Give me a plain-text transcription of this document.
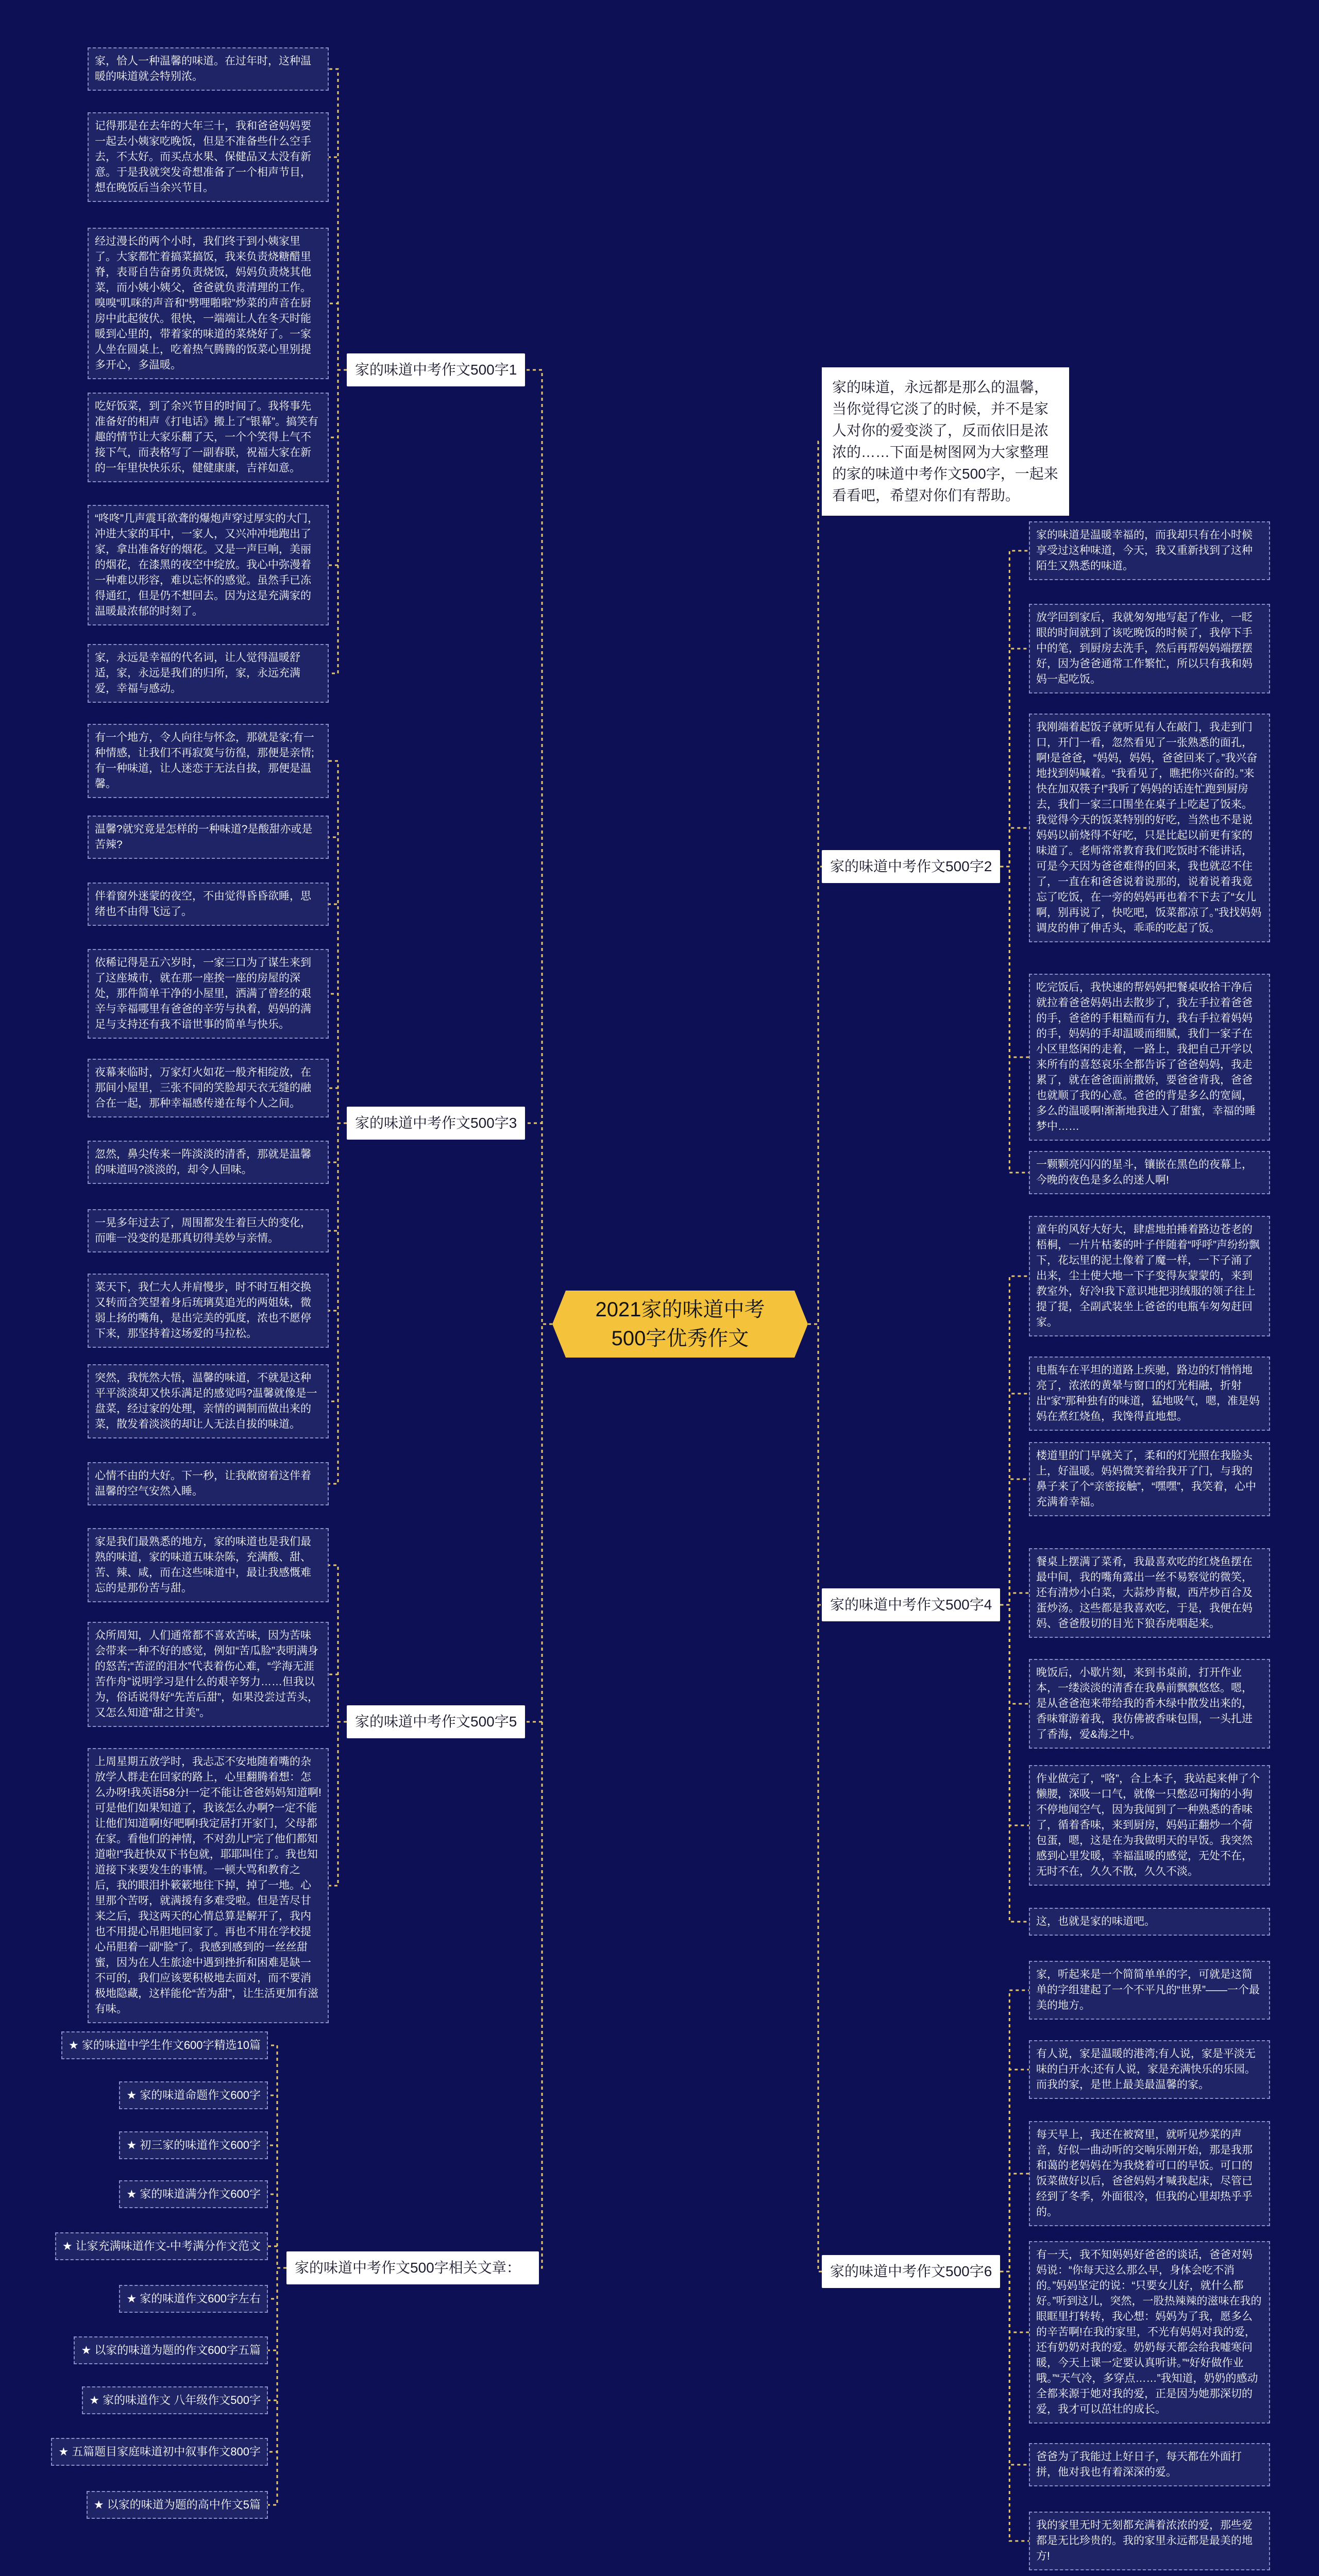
2021家的味道中考500字优秀作文
家的味道，永远都是那么的温馨，当你觉得它淡了的时候，并不是家人对你的爱变淡了，反而依旧是浓浓的……下面是树图网为大家整理的家的味道中考作文500字，一起来看看吧，希望对你们有帮助。
家的味道中考作文500字1
家的味道中考作文500字3
家的味道中考作文500字5
家的味道中考作文500字相关文章：
家的味道中考作文500字2
家的味道中考作文500字4
家的味道中考作文500字6
家，恰人一种温馨的味道。在过年时，这种温暖的味道就会特别浓。
记得那是在去年的大年三十，我和爸爸妈妈要一起去小姨家吃晚饭，但是不准备些什么空手去，不太好。而买点水果、保健品又太没有新意。于是我就突发奇想准备了一个相声节目，想在晚饭后当余兴节目。
经过漫长的两个小时，我们终于到小姨家里了。大家都忙着搞菜搞饭，我来负责烧糖醋里脊，表哥自告奋勇负责烧饭，妈妈负责烧其他菜，而小姨小姨父，爸爸就负责清理的工作。嗅嗅“叽咪的声音和“劈哩啪啦”炒菜的声音在厨房中此起彼伏。很快，一端端让人在冬天时能暖到心里的，带着家的味道的菜烧好了。一家人坐在圆桌上，吃着热气腾腾的饭菜心里别提多开心，多温暖。
吃好饭菜，到了余兴节目的时间了。我将事先准备好的相声《打电话》搬上了“银幕”。搞笑有趣的情节让大家乐翻了天，一个个笑得上气不接下气，而表格写了一副春联，祝福大家在新的一年里快快乐乐，健健康康，吉祥如意。
“咚咚”几声震耳欲聋的爆炮声穿过厚实的大门，冲进大家的耳中，一家人，又兴冲冲地跑出了家，拿出准备好的烟花。又是一声巨响，美丽的烟花，在漆黑的夜空中绽放。我心中弥漫着一种难以形容，难以忘怀的感觉。虽然手已冻得通红，但是仍不想回去。因为这是充满家的温暖最浓郁的时刻了。
家，永远是幸福的代名词，让人觉得温暖舒适，家，永远是我们的归所，家，永远充满爱，幸福与感动。
有一个地方，令人向往与怀念，那就是家;有一种情感，让我们不再寂寞与彷徨，那便是亲情;有一种味道，让人迷恋于无法自拔，那便是温馨。
温馨?就究竟是怎样的一种味道?是酸甜亦或是苦辣?
伴着窗外迷蒙的夜空，不由觉得昏昏欲睡，思绪也不由得飞远了。
依稀记得是五六岁时，一家三口为了谋生来到了这座城市，就在那一座挨一座的房屋的深处，那件简单干净的小屋里，洒满了曾经的艰辛与幸福哪里有爸爸的辛劳与执着，妈妈的满足与支持还有我不谙世事的简单与快乐。
夜幕来临时，万家灯火如花一般齐相绽放，在那间小屋里，三张不同的笑脸却天衣无缝的融合在一起，那种幸福感传递在每个人之间。
忽然，鼻尖传来一阵淡淡的清香，那就是温馨的味道吗?淡淡的，却令人回味。
一晃多年过去了，周围都发生着巨大的变化，而唯一没变的是那真切得美妙与亲情。
菜天下，我仁大人并肩慢步，时不时互相交换又转而含笑望着身后琉璃莫追光的两姐妹，微弱上扬的嘴角，是出完美的弧度，浓也不愿停下来，那坚持着这场爱的马拉松。
突然，我恍然大悟，温馨的味道，不就是这种平平淡淡却又快乐满足的感觉吗?温馨就像是一盘菜，经过家的处理，亲情的调制而做出来的菜，散发着淡淡的却让人无法自拔的味道。
心情不由的大好。下一秒，让我敞窗着这伴着温馨的空气安然入睡。
家是我们最熟悉的地方，家的味道也是我们最熟的味道，家的味道五味杂陈，充满酸、甜、苦、辣、咸，而在这些味道中，最让我感慨难忘的是那份苦与甜。
众所周知，人们通常都不喜欢苦味，因为苦味会带来一种不好的感觉，例如“苦瓜脸”表明满身的怒苦;“苦涩的泪水”代表着伤心难，“学海无涯苦作舟”说明学习是什么的艰辛努力……但我以为，俗话说得好“先苦后甜”，如果没尝过苦头，又怎么知道“甜之甘美”。
上周星期五放学时，我忐忑不安地随着嘴的杂放学人群走在回家的路上，心里翻腾着想：怎么办呀!我英语58分!一定不能让爸爸妈妈知道啊!可是他们如果知道了，我该怎么办啊?一定不能让他们知道啊!好吧啊!我定居打开家门，父母都在家。看他们的神情，不对劲儿!“完了他们都知道啦!”我赶快双下书包就，耶耶叫住了。我也知道接下来要发生的事情。一顿大骂和教育之后，我的眼泪扑簌簌地往下掉，掉了一地。心里那个苦呀，就满援有多难受啦。但是苦尽甘来之后，我这两天的心情总算是解开了，我内也不用提心吊胆地回家了。再也不用在学校提心吊胆着一副“脸”了。我感到感到的一丝丝甜蜜，因为在人生旅途中遇到挫折和困难是缺一不可的，我们应该要积极地去面对，而不要消极地隐藏，这样能伦“苦为甜”，让生活更加有滋有味。
★ 家的味道中学生作文600字精选10篇
★ 家的味道命题作文600字
★ 初三家的味道作文600字
★ 家的味道满分作文600字
★ 让家充满味道作文-中考满分作文范文
★ 家的味道作文600字左右
★ 以家的味道为题的作文600字五篇
★ 家的味道作文 八年级作文500字
★ 五篇题目家庭味道初中叙事作文800字
★ 以家的味道为题的高中作文5篇
家的味道是温暖幸福的，而我却只有在小时候享受过这种味道，今天，我又重新找到了这种陌生又熟悉的味道。
放学回到家后，我就匆匆地写起了作业，一眨眼的时间就到了该吃晚饭的时候了，我停下手中的笔，到厨房去洗手，然后再帮妈妈端摆摆好，因为爸爸通常工作繁忙，所以只有我和妈妈一起吃饭。
我刚端着起饭子就听见有人在敲门，我走到门口，开门一看，忽然看见了一张熟悉的面孔，啊!是爸爸，“妈妈，妈妈，爸爸回来了。”我兴奋地找到妈喊着。“我看见了，瞧把你兴奋的。”来快在加双筷子!”我听了妈妈的话连忙跑到厨房去，我们一家三口围坐在桌子上吃起了饭来。我觉得今天的饭菜特别的好吃，当然也不是说妈妈以前烧得不好吃，只是比起以前更有家的味道了。老师常常教育我们吃饭时不能讲话，可是今天因为爸爸难得的回来，我也就忍不住了，一直在和爸爸说着说那的，说着说着我竟忘了吃饭，在一旁的妈妈再也着不下去了“女儿啊，别再说了，快吃吧，饭菜都凉了。”我找妈妈调皮的伸了伸舌头，乖乖的吃起了饭。
吃完饭后，我快速的帮妈妈把餐桌收拾干净后就拉着爸爸妈妈出去散步了，我左手拉着爸爸的手，爸爸的手粗糙而有力，我右手拉着妈妈的手，妈妈的手却温暖而细腻，我们一家子在小区里悠闲的走着，一路上，我把自己开学以来所有的喜怒哀乐全都告诉了爸爸妈妈，我走累了，就在爸爸面前撒娇，要爸爸背我，爸爸也就顺了我的心意。爸爸的背是多么的宽阔，多么的温暖啊!渐渐地我进入了甜蜜，幸福的睡梦中……
一颗颗亮闪闪的星斗，镶嵌在黑色的夜幕上，今晚的夜色是多么的迷人啊!
童年的风好大好大，肆虐地拍捶着路边苍老的梧桐，一片片枯萎的叶子伴随着“呼呼”声纷纷飘下，花坛里的泥土像着了魔一样，一下子涌了出来，尘土使大地一下子变得灰蒙蒙的，来到教室外，好冷!我下意识地把羽绒服的领子往上提了提，全副武装坐上爸爸的电瓶车匆匆赶回家。
电瓶车在平坦的道路上疾驰，路边的灯悄悄地亮了，浓浓的黄晕与窗口的灯光相融，折射出“家”那种独有的味道，猛地吸气，嗯，准是妈妈在煮红烧鱼，我馋得直地想。
楼道里的门早就关了，柔和的灯光照在我脸头上，好温暖。妈妈微笑着给我开了门，与我的鼻子来了个“亲密接触”，“嘿嘿”，我笑着，心中充满着幸福。
餐桌上摆满了菜肴，我最喜欢吃的红烧鱼摆在最中间，我的嘴角露出一丝不易察觉的微笑，还有清炒小白菜，大蒜炒青椒，西芹炒百合及蛋炒汤。这些都是我喜欢吃，于是，我便在妈妈、爸爸殷切的目光下狼吞虎咽起来。
晚饭后，小歇片刻，来到书桌前，打开作业本，一缕淡淡的清香在我鼻前飘飘悠悠。嗯，是从爸爸泡来带给我的香木绿中散发出来的，香味窜游着我，我仿佛被香味包围，一头扎进了香海，爱&海之中。
作业做完了，“咯”，合上本子，我站起来伸了个懒腰，深吸一口气，就像一只憋忍可掬的小狗不停地闻空气，因为我闻到了一种熟悉的香味了，循着香味，来到厨房，妈妈正翻炒一个荷包蛋，嗯，这是在为我做明天的早饭。我突然感到心里发暖，幸福温暖的感觉，无处不在，无时不在，久久不散，久久不淡。
这，也就是家的味道吧。
家，听起来是一个简简单单的字，可就是这简单的字组建起了一个不平凡的“世界”——一个最美的地方。
有人说，家是温暖的港湾;有人说，家是平淡无味的白开水;还有人说，家是充满快乐的乐园。而我的家，是世上最美最温馨的家。
每天早上，我还在被窝里，就听见炒菜的声音，好似一曲动听的交响乐刚开始，那是我那和蔼的老妈妈在为我烧着可口的早饭。可口的饭菜做好以后，爸爸妈妈才喊我起床，尽管已经到了冬季，外面很冷，但我的心里却热乎乎的。
有一天，我不知妈妈好爸爸的谈话，爸爸对妈妈说：“你每天这么那么早，身体会吃不消的。”妈妈坚定的说：“只要女儿好，就什么都好。”听到这儿，突然，一股热辣辣的滋味在我的眼眶里打转转，我心想：妈妈为了我，愿多么的辛苦啊!在我的家里，不光有妈妈对我的爱，还有奶奶对我的爱。奶奶每天都会给我嘘寒问暖，今天上课一定要认真听讲。”“好好做作业哦。”“天气冷，多穿点……”我知道，奶奶的感动全都来源于她对我的爱，正是因为她那深切的爱，我才可以茁壮的成长。
爸爸为了我能过上好日子，每天都在外面打拼，他对我也有着深深的爱。
我的家里无时无刻都充满着浓浓的爱，那些爱都是无比珍贵的。我的家里永远都是最美的地方!
